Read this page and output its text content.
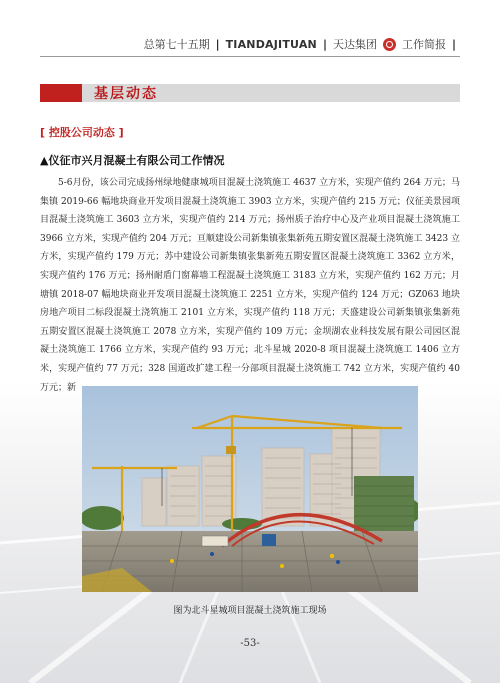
总第七十五期 | TIANDAJITUAN | 天达集团 工作简报 |
基层动态
[ 控股公司动态 ]
▲仪征市兴月混凝土有限公司工作情况

5-6月份，该公司完成扬州绿地健康城项目混凝土浇筑施工 4637 立方米，实现产值约 264 万元；马集镇 2019-66 幅地块商业开发项目混凝土浇筑施工 3903 立方米，实现产值约 215 万元；仪征美景园项目混凝土浇筑施工 3603 立方米，实现产值约 214 万元；扬州质子治疗中心及产业项目混凝土浇筑施工 3966 立方米，实现产值约 204 万元；亘顺建设公司新集镇张集新苑五期安置区混凝土浇筑施工 3423 立方米，实现产值约 179 万元；苏中建设公司新集镇张集新苑五期安置区混凝土浇筑施工 3362 立方米，实现产值约 176 万元；扬州耐盾门窗幕墙工程混凝土浇筑施工 3183 立方米，实现产值约 162 万元；月塘镇 2018-07 幅地块商业开发项目混凝土浇筑施工 2251 立方米，实现产值约 124 万元；GZ063 地块房地产项目二标段混凝土浇筑施工 2101 立方米，实现产值约 118 万元；天盛建设公司新集镇张集新苑五期安置区混凝土浇筑施工 2078 立方米，实现产值约 109 万元；金坝湖农业科技发展有限公司园区混凝土浇筑施工 1766 立方米，实现产值约 93 万元；北斗星城 2020-8 项目混凝土浇筑施工 1406 立方米，实现产值约 77 万元；328 国道改扩建工程一分部项目混凝土浇筑施工 742 立方米，实现产值约 40 万元；新

图为北斗星城项目混凝土浇筑施工现场
-53-
